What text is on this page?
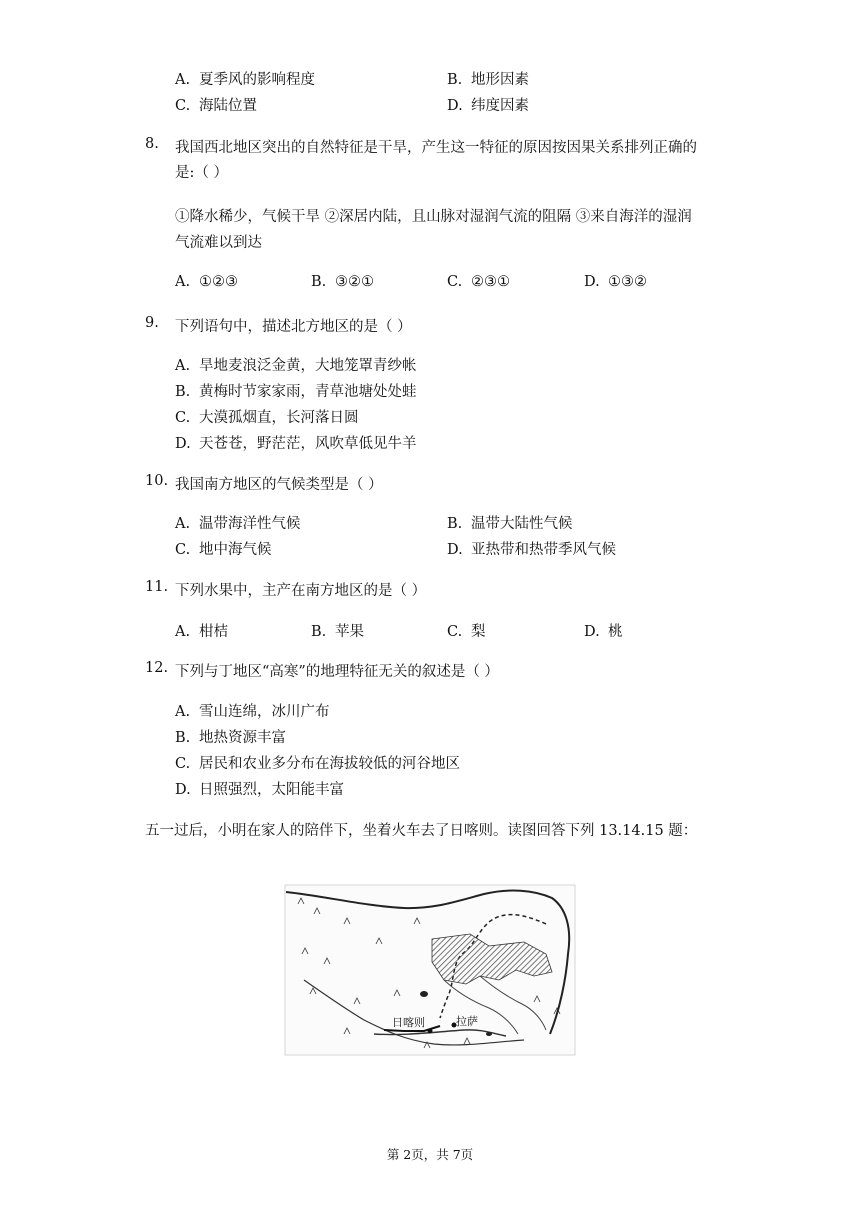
A. 夏季风的影响程度	B. 地形因素
C. 海陆位置	D. 纬度因素
8. 我国西北地区突出的自然特征是干旱，产生这一特征的原因按因果关系排列正确的
是:（ ）
①降水稀少，气候干旱 ②深居内陆，且山脉对湿润气流的阻隔 ③来自海洋的湿润
气流难以到达
A. ①②③	B. ③②①	C. ②③①	D. ①③②
9. 下列语句中，描述北方地区的是（ ）
A. 旱地麦浪泛金黄，大地笼罩青纱帐
B. 黄梅时节家家雨，青草池塘处处蛙
C. 大漠孤烟直，长河落日圆
D. 天苍苍，野茫茫，风吹草低见牛羊
10. 我国南方地区的气候类型是（ ）
A. 温带海洋性气候	B. 温带大陆性气候
C. 地中海气候	D. 亚热带和热带季风气候
11. 下列水果中，主产在南方地区的是（ ）
A. 柑桔	B. 苹果	C. 梨	D. 桃
12. 下列与丁地区“高寒”的地理特征无关的叙述是（ ）
A. 雪山连绵，冰川广布
B. 地热资源丰富
C. 居民和农业多分布在海拔较低的河谷地区
D. 日照强烈，太阳能丰富
五一过后，小明在家人的陪伴下，坐着火车去了日喀则。读图回答下列 13.14.15 题：
日喀则	拉萨
第 2页，共 7页
